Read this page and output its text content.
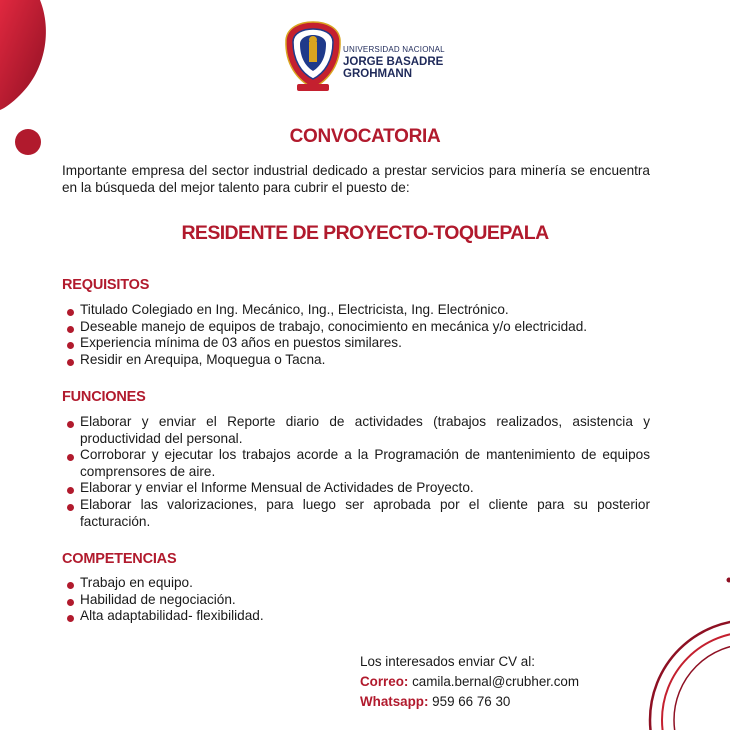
UNIVERSIDAD NACIONAL
JORGE BASADRE
GROHMANN
CONVOCATORIA
Importante empresa del sector industrial dedicado a prestar servicios para minería se encuentra en la búsqueda del mejor talento para cubrir el puesto de:
RESIDENTE DE PROYECTO-TOQUEPALA
REQUISITOS
Titulado Colegiado en Ing. Mecánico, Ing., Electricista, Ing. Electrónico.
Deseable manejo de equipos de trabajo, conocimiento en mecánica y/o electricidad.
Experiencia mínima de 03 años en puestos similares.
Residir en Arequipa, Moquegua o Tacna.
FUNCIONES
Elaborar y enviar el Reporte diario de actividades (trabajos realizados, asistencia y productividad del personal.
Corroborar y ejecutar los trabajos acorde a la Programación de mantenimiento de equipos comprensores de aire.
Elaborar y enviar el Informe Mensual de Actividades de Proyecto.
Elaborar las valorizaciones, para luego ser aprobada por el cliente para su posterior facturación.
COMPETENCIAS
Trabajo en equipo.
Habilidad de negociación.
Alta adaptabilidad- flexibilidad.
Los interesados enviar CV al:
Correo: camila.bernal@crubher.com
Whatsapp: 959 66 76 30
